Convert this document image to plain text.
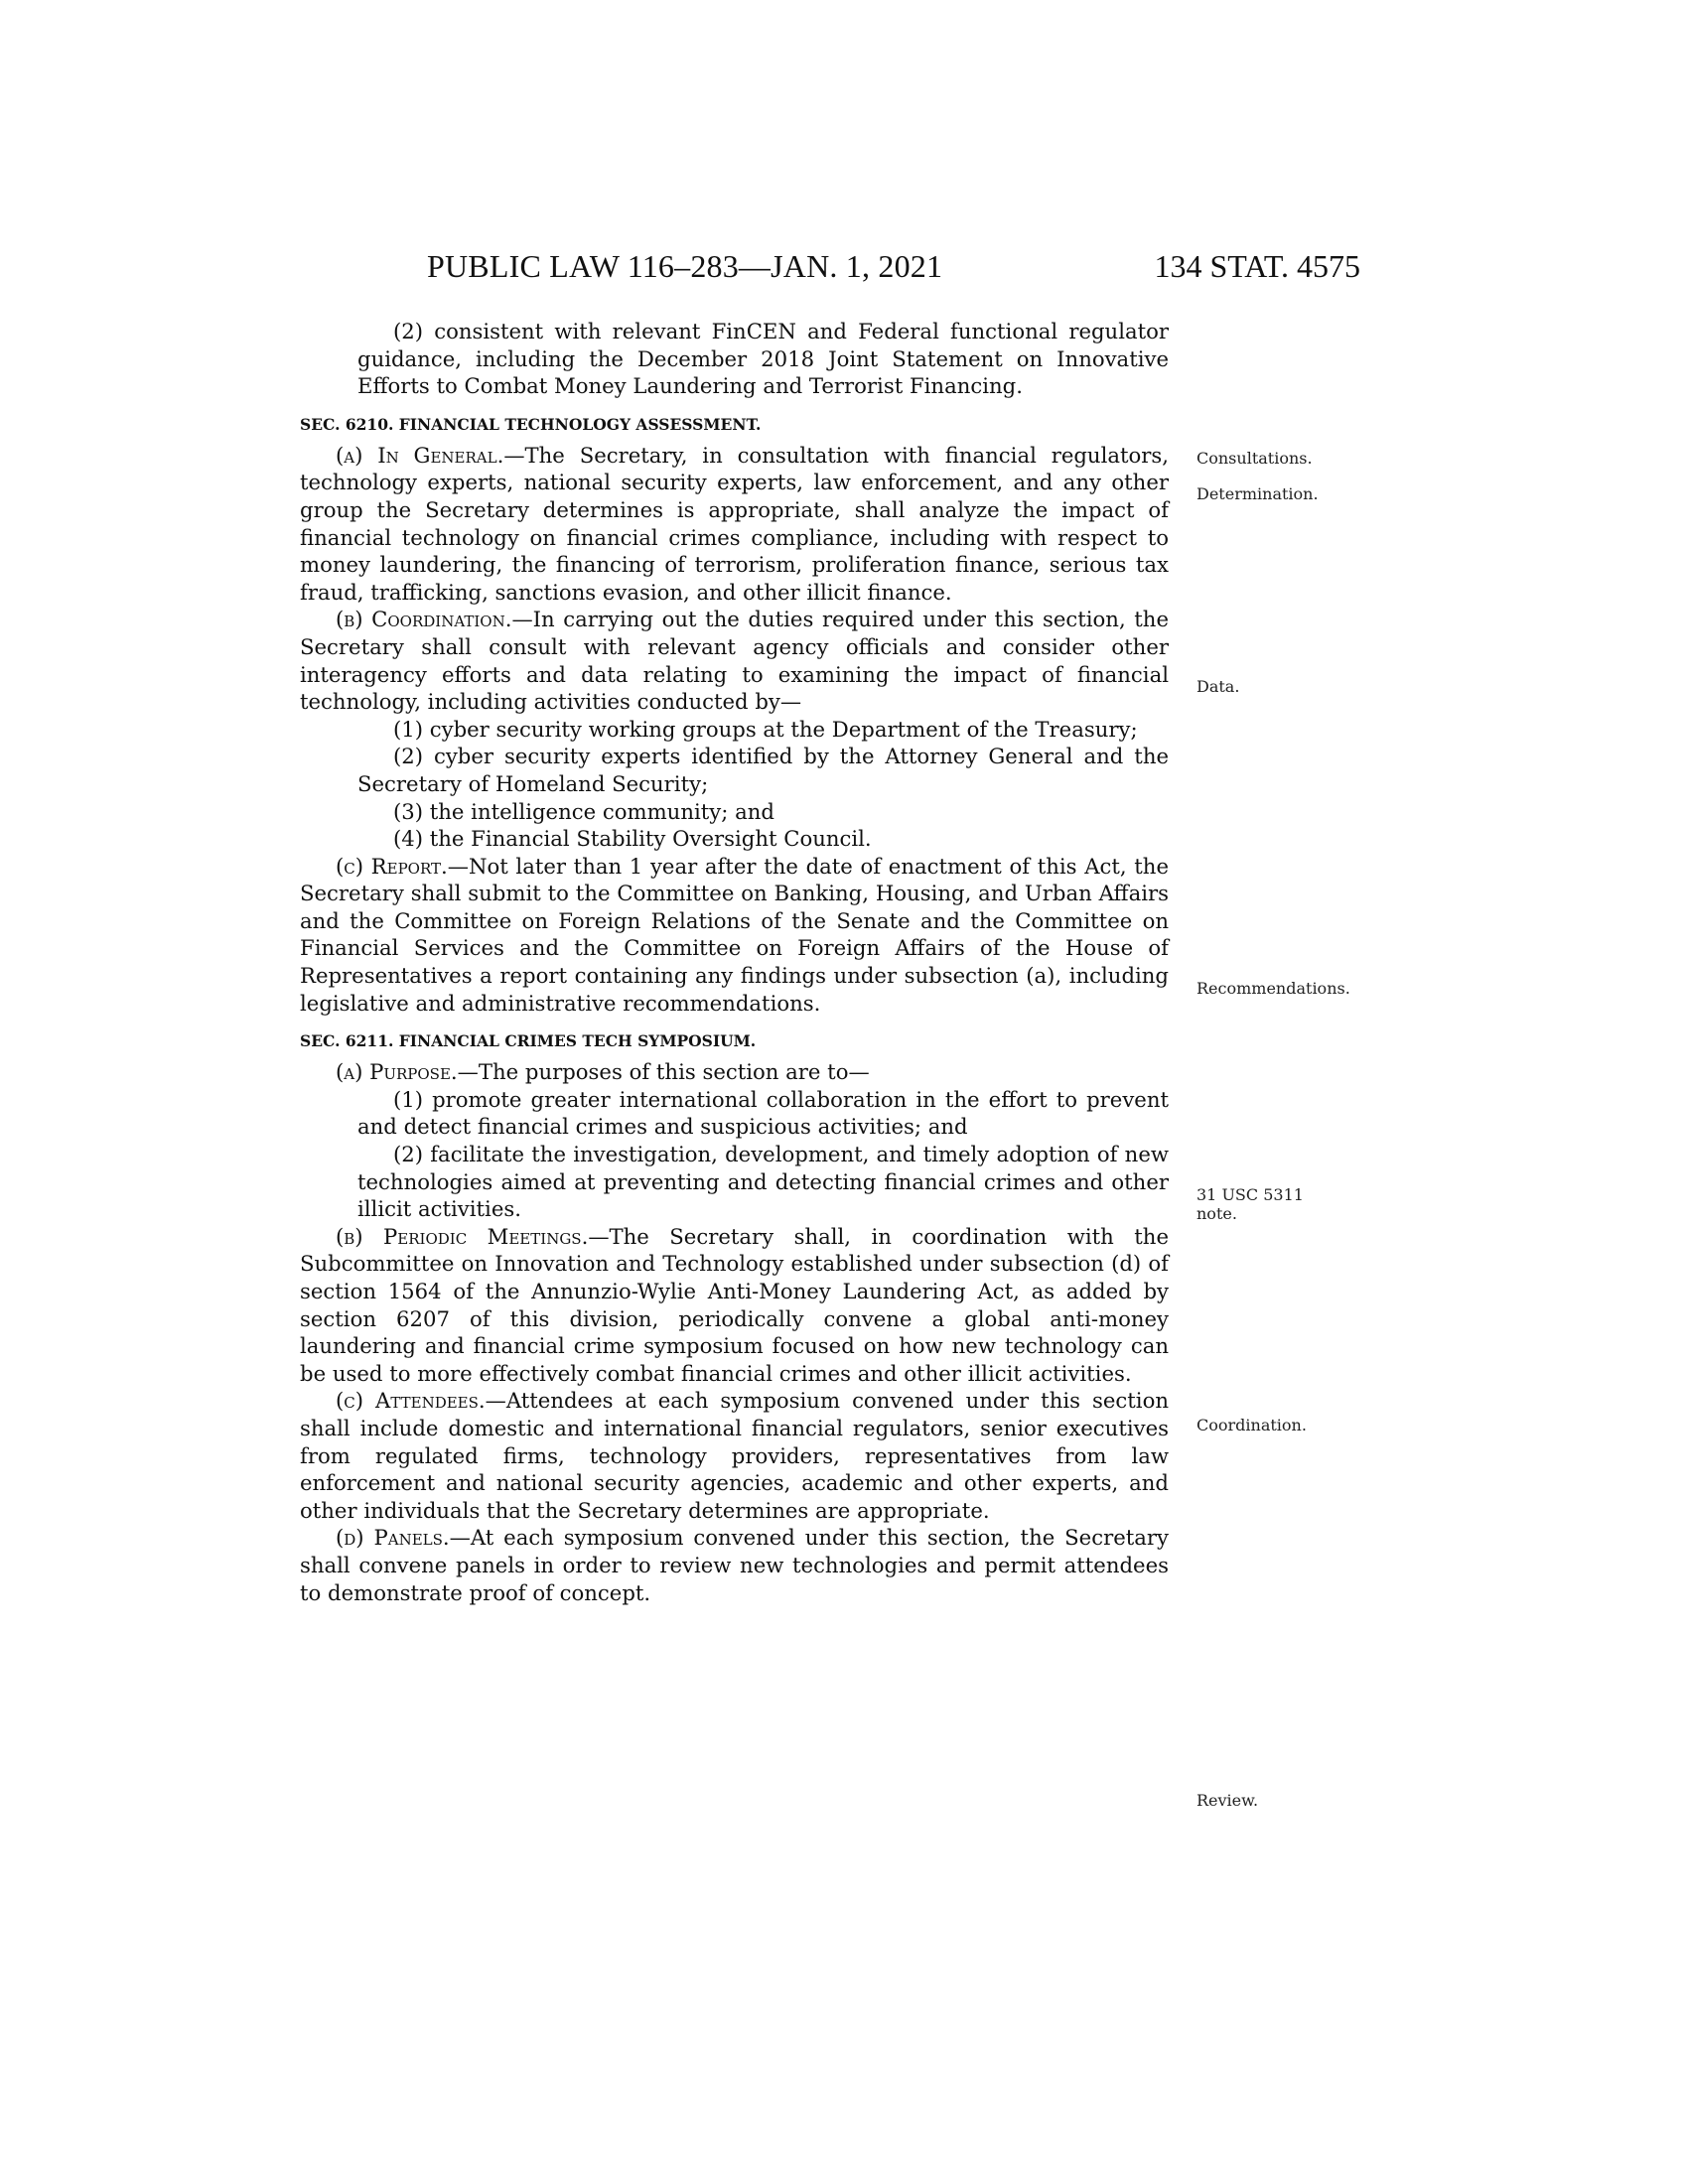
PUBLIC LAW 116–283—JAN. 1, 2021	134 STAT. 4575

(2) consistent with relevant FinCEN and Federal functional regulator guidance, including the December 2018 Joint Statement on Innovative Efforts to Combat Money Laundering and Terrorist Financing.

SEC. 6210. FINANCIAL TECHNOLOGY ASSESSMENT.

(a) In General.—The Secretary, in consultation with financial regulators, technology experts, national security experts, law enforcement, and any other group the Secretary determines is appropriate, shall analyze the impact of financial technology on financial crimes compliance, including with respect to money laundering, the financing of terrorism, proliferation finance, serious tax fraud, trafficking, sanctions evasion, and other illicit finance.

(b) Coordination.—In carrying out the duties required under this section, the Secretary shall consult with relevant agency officials and consider other interagency efforts and data relating to examining the impact of financial technology, including activities conducted by—

(1) cyber security working groups at the Department of the Treasury;

(2) cyber security experts identified by the Attorney General and the Secretary of Homeland Security;

(3) the intelligence community; and

(4) the Financial Stability Oversight Council.

(c) Report.—Not later than 1 year after the date of enactment of this Act, the Secretary shall submit to the Committee on Banking, Housing, and Urban Affairs and the Committee on Foreign Relations of the Senate and the Committee on Financial Services and the Committee on Foreign Affairs of the House of Representatives a report containing any findings under subsection (a), including legislative and administrative recommendations.

SEC. 6211. FINANCIAL CRIMES TECH SYMPOSIUM.

(a) Purpose.—The purposes of this section are to—

(1) promote greater international collaboration in the effort to prevent and detect financial crimes and suspicious activities; and

(2) facilitate the investigation, development, and timely adoption of new technologies aimed at preventing and detecting financial crimes and other illicit activities.

(b) Periodic Meetings.—The Secretary shall, in coordination with the Subcommittee on Innovation and Technology established under subsection (d) of section 1564 of the Annunzio-Wylie Anti-Money Laundering Act, as added by section 6207 of this division, periodically convene a global anti-money laundering and financial crime symposium focused on how new technology can be used to more effectively combat financial crimes and other illicit activities.

(c) Attendees.—Attendees at each symposium convened under this section shall include domestic and international financial regulators, senior executives from regulated firms, technology providers, representatives from law enforcement and national security agencies, academic and other experts, and other individuals that the Secretary determines are appropriate.

(d) Panels.—At each symposium convened under this section, the Secretary shall convene panels in order to review new technologies and permit attendees to demonstrate proof of concept.

Consultations.
Determination.
Data.
Recommendations.
31 USC 5311 note.
Coordination.
Review.
